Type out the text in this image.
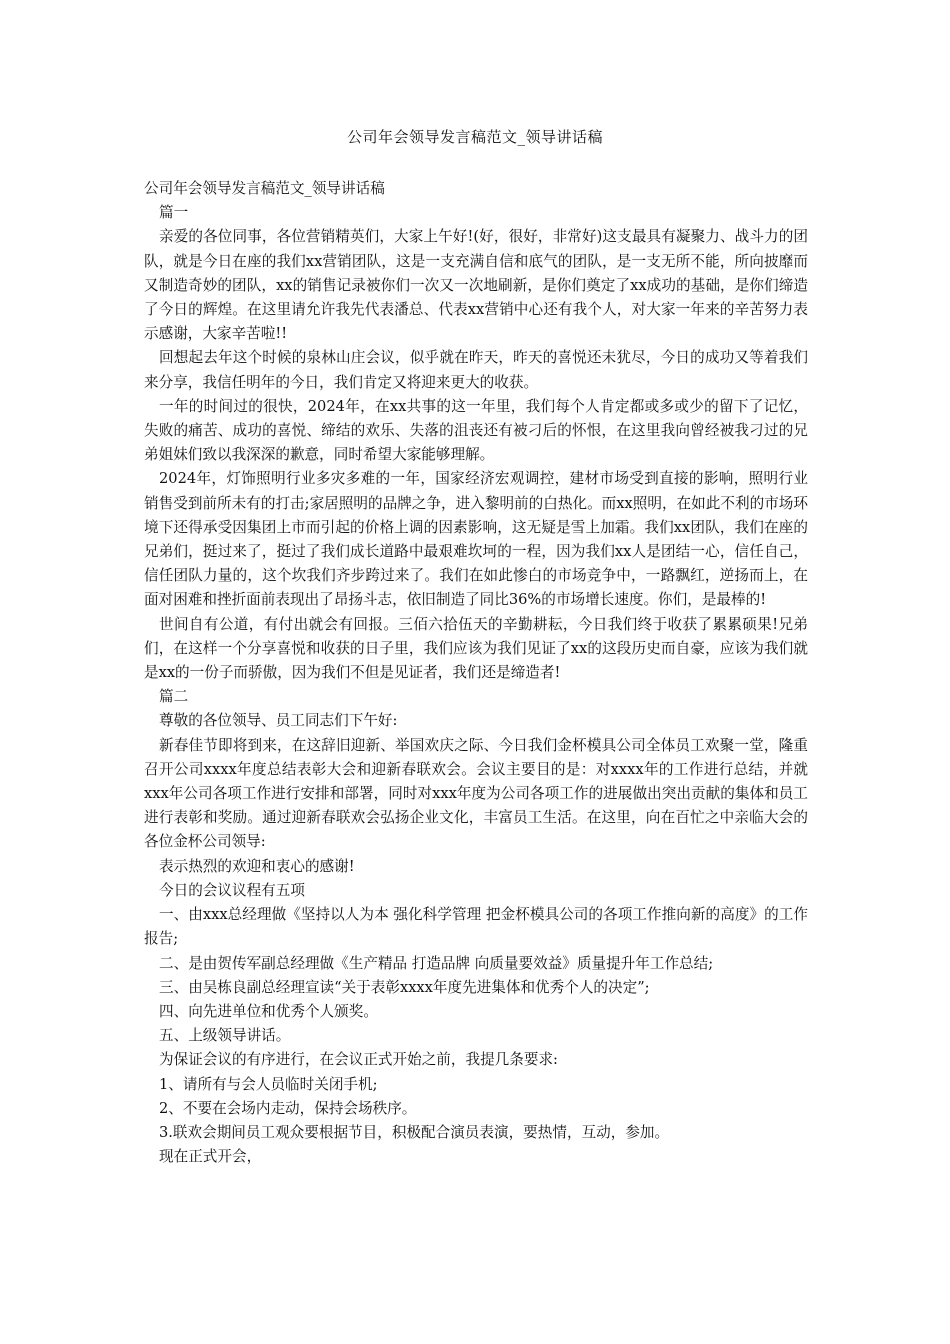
公司年会领导发言稿范文_领导讲话稿

公司年会领导发言稿范文_领导讲话稿

篇一

亲爱的各位同事，各位营销精英们，大家上午好!(好，很好，非常好)这支最具有凝聚力、战斗力的团队，就是今日在座的我们xx营销团队，这是一支充满自信和底气的团队，是一支无所不能，所向披靡而又制造奇妙的团队，xx的销售记录被你们一次又一次地刷新，是你们奠定了xx成功的基础，是你们缔造了今日的辉煌。在这里请允许我先代表潘总、代表xx营销中心还有我个人，对大家一年来的辛苦努力表示感谢，大家辛苦啦!!

回想起去年这个时候的泉林山庄会议，似乎就在昨天，昨天的喜悦还未犹尽，今日的成功又等着我们来分享，我信任明年的今日，我们肯定又将迎来更大的收获。

一年的时间过的很快，2024年，在xx共事的这一年里，我们每个人肯定都或多或少的留下了记忆，失败的痛苦、成功的喜悦、缔结的欢乐、失落的沮丧还有被刁后的怀恨，在这里我向曾经被我刁过的兄弟姐妹们致以我深深的歉意，同时希望大家能够理解。

2024年，灯饰照明行业多灾多难的一年，国家经济宏观调控，建材市场受到直接的影响，照明行业销售受到前所未有的打击;家居照明的品牌之争，进入黎明前的白热化。而xx照明，在如此不利的市场环境下还得承受因集团上市而引起的价格上调的因素影响，这无疑是雪上加霜。我们xx团队，我们在座的兄弟们，挺过来了，挺过了我们成长道路中最艰难坎坷的一程，因为我们xx人是团结一心，信任自己，信任团队力量的，这个坎我们齐步跨过来了。我们在如此惨白的市场竞争中，一路飘红，逆扬而上，在面对困难和挫折面前表现出了昂扬斗志，依旧制造了同比36%的市场增长速度。你们，是最棒的!

世间自有公道，有付出就会有回报。三佰六拾伍天的辛勤耕耘，今日我们终于收获了累累硕果!兄弟们，在这样一个分享喜悦和收获的日子里，我们应该为我们见证了xx的这段历史而自豪，应该为我们就是xx的一份子而骄傲，因为我们不但是见证者，我们还是缔造者!

篇二

尊敬的各位领导、员工同志们下午好:

新春佳节即将到来，在这辞旧迎新、举国欢庆之际、今日我们金杯模具公司全体员工欢聚一堂，隆重召开公司xxxx年度总结表彰大会和迎新春联欢会。会议主要目的是：对xxxx年的工作进行总结，并就xxx年公司各项工作进行安排和部署，同时对xxx年度为公司各项工作的进展做出突出贡献的集体和员工进行表彰和奖励。通过迎新春联欢会弘扬企业文化，丰富员工生活。在这里，向在百忙之中亲临大会的各位金杯公司领导:

表示热烈的欢迎和衷心的感谢!

今日的会议议程有五项

一、由xxx总经理做《坚持以人为本 强化科学管理 把金杯模具公司的各项工作推向新的高度》的工作报告;

二、是由贺传军副总经理做《生产精品 打造品牌 向质量要效益》质量提升年工作总结;

三、由吴栋良副总经理宣读“关于表彰xxxx年度先进集体和优秀个人的决定”;

四、向先进单位和优秀个人颁奖。

五、上级领导讲话。

为保证会议的有序进行，在会议正式开始之前，我提几条要求:

1、请所有与会人员临时关闭手机;

2、不要在会场内走动，保持会场秩序。

3.联欢会期间员工观众要根据节目，积极配合演员表演，要热情，互动，参加。

现在正式开会，
